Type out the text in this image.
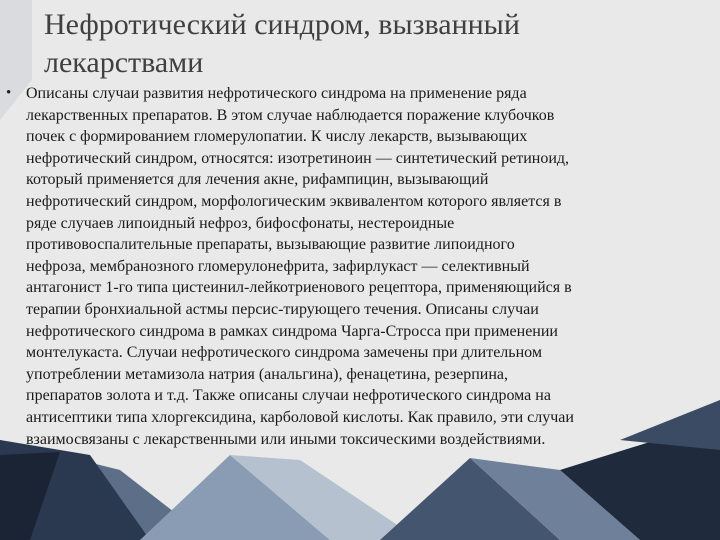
Нефротический синдром, вызванный
лекарствами
• Описаны случаи развития нефротического синдрома на применение ряда
лекарственных препаратов. В этом случае наблюдается поражение клубочков
почек с формированием гломерулопатии. К числу лекарств, вызывающих
нефротический синдром, относятся: изотретиноин — синтетический ретиноид,
который применяется для лечения акне, рифампицин, вызывающий
нефротический синдром, морфологическим эквивалентом которого является в
ряде случаев липоидный нефроз, бифосфонаты, нестероидные
противовоспалительные препараты, вызывающие развитие липоидного
нефроза, мембранозного гломерулонефрита, зафирлукаст — селективный
антагонист 1-го типа цистеинил-лейкотриенового рецептора, применяющийся в
терапии бронхиальной астмы персис-тирующего течения. Описаны случаи
нефротического синдрома в рамках синдрома Чарга-Стросса при применении
монтелукаста. Случаи нефротического синдрома замечены при длительном
употреблении метамизола натрия (анальгина), фенацетина, резерпина,
препаратов золота и т.д. Также описаны случаи нефротического синдрома на
антисептики типа хлоргексидина, карболовой кислоты. Как правило, эти случаи
взаимосвязаны с лекарственными или иными токсическими воздействиями.
